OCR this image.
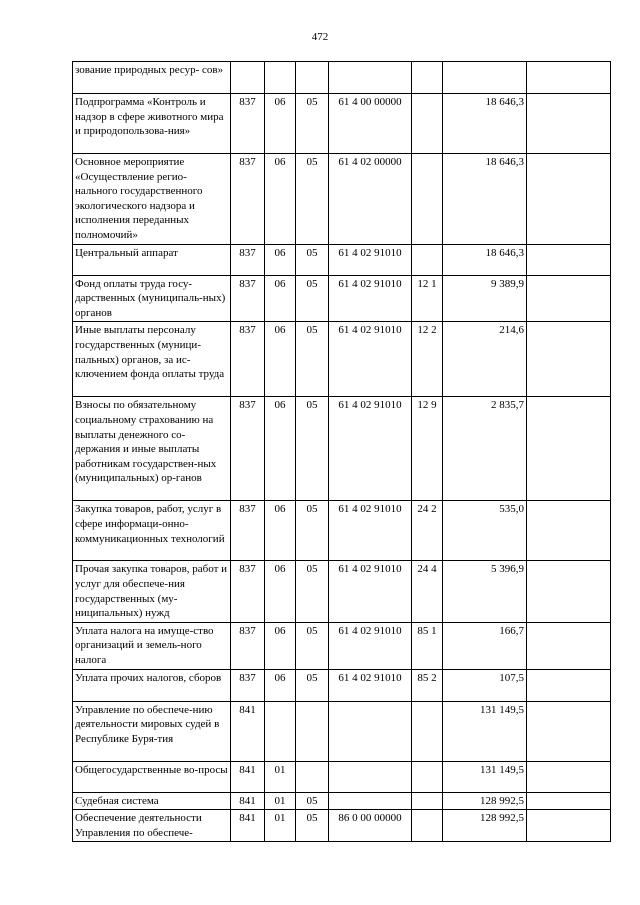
472
зование природных ресур- сов»							
Подпрограмма «Контроль и надзор в сфере животного мира и природопользова-ния»	837	06	05	61 4 00 00000		18 646,3	
Основное мероприятие «Осуществление регио-нального государственного экологического надзора и исполнения переданных полномочий»	837	06	05	61 4 02 00000		18 646,3	
Центральный аппарат	837	06	05	61 4 02 91010		18 646,3	
Фонд оплаты труда госу-дарственных (муниципаль-ных) органов	837	06	05	61 4 02 91010	12 1	9 389,9	
Иные выплаты персоналу государственных (муници-пальных) органов, за ис-ключением фонда оплаты труда	837	06	05	61 4 02 91010	12 2	214,6	
Взносы по обязательному социальному страхованию на выплаты денежного со-держания и иные выплаты работникам государствен-ных (муниципальных) ор-ганов	837	06	05	61 4 02 91010	12 9	2 835,7	
Закупка товаров, работ, услуг в сфере информаци-онно-коммуникационных технологий	837	06	05	61 4 02 91010	24 2	535,0	
Прочая закупка товаров, работ и услуг для обеспече-ния государственных (му-ниципальных) нужд	837	06	05	61 4 02 91010	24 4	5 396,9	
Уплата налога на имуще-ство организаций и земель-ного налога	837	06	05	61 4 02 91010	85 1	166,7	
Уплата прочих налогов, сборов	837	06	05	61 4 02 91010	85 2	107,5	
Управление по обеспече-нию деятельности мировых судей в Республике Буря-тия	841					131 149,5	
Общегосударственные во-просы	841	01				131 149,5	
Судебная система	841	01	05			128 992,5	
Обеспечение деятельности Управления по обеспече-	841	01	05	86 0 00 00000		128 992,5	
